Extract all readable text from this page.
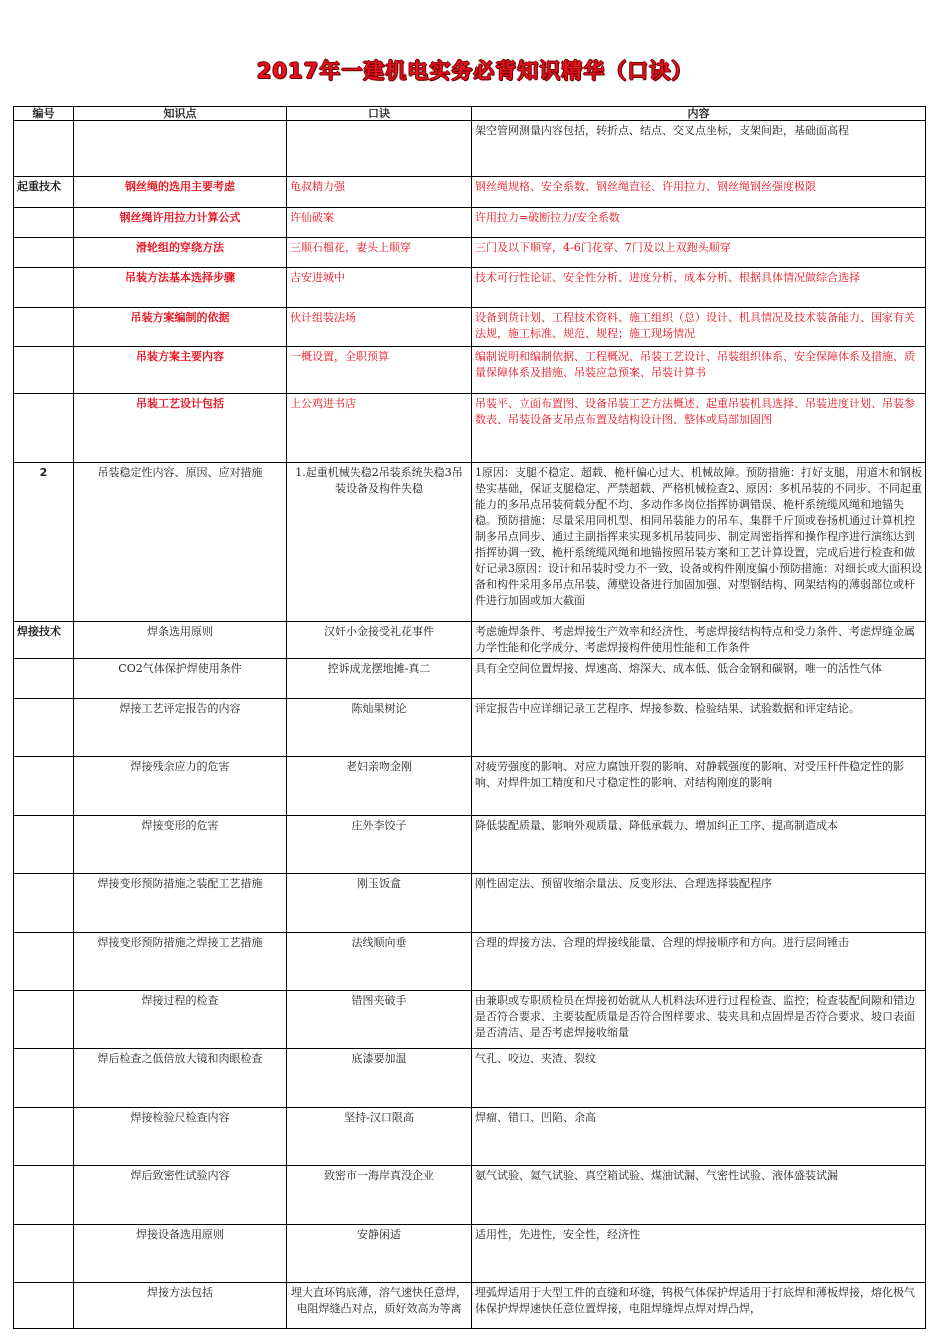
2017年一建机电实务必背知识精华（口诀）
编号	知识点	口诀	内容
			架空管网测量内容包括，转折点、结点、交叉点坐标，支架间距，基础面高程
起重技术	钢丝绳的选用主要考虑	龟叔精力强	钢丝绳规格、安全系数、钢丝绳直径、许用拉力、钢丝绳钢丝强度极限
	钢丝绳许用拉力计算公式	许仙破案	许用拉力=破断拉力/安全系数
	滑轮组的穿绕方法	三顺石榴花，妻头上顺穿	三门及以下顺穿，4-6门花穿、7门及以上双跑头顺穿
	吊装方法基本选择步骤	吉安进城中	技术可行性论证、安全性分析、进度分析、成本分析、根据具体情况做综合选择
	吊装方案编制的依据	伙计组装法场	设备到货计划、工程技术资料、施工组织（总）设计、机具情况及技术装备能力、国家有关法规，施工标准、规范、规程；施工现场情况
	吊装方案主要内容	一概设置，全职预算	编制说明和编制依据、工程概况、吊装工艺设计、吊装组织体系、安全保障体系及措施、质量保障体系及措施、吊装应急预案、吊装计算书
	吊装工艺设计包括	上公鸡进书店	吊装平、立面布置图、设备吊装工艺方法概述、起重吊装机具选择、吊装进度计划、吊装参数表、吊装设备支吊点布置及结构设计图、整体或局部加固图
2	吊装稳定性内容、原因、应对措施	1.起重机械失稳2吊装系统失稳3吊装设备及构件失稳	1原因：支腿不稳定、超载、桅杆偏心过大、机械故障。预防措施：打好支腿，用道木和钢板垫实基础，保证支腿稳定、严禁超载、严格机械检查2、原因：多机吊装的不同步、不同起重能力的多吊点吊装荷载分配不均、多动作多岗位指挥协调错误、桅杆系统缆风绳和地锚失稳。预防措施：尽量采用同机型、相同吊装能力的吊车、集群千斤顶或卷扬机通过计算机控制多吊点同步、通过主副指挥来实现多机吊装同步、制定周密指挥和操作程序进行演练达到指挥协调一致、桅杆系统缆风绳和地锚按照吊装方案和工艺计算设置，完成后进行检查和做好记录3原因：设计和吊装时受力不一致、设备或构件刚度偏小预防措施：对细长或大面积设备和构件采用多吊点吊装、薄壁设备进行加固加强、对型钢结构、网架结构的薄弱部位或杆件进行加固或加大截面
焊接技术	焊条选用原则	汉奸小金接受礼花事件	考虑施焊条件、考虑焊接生产效率和经济性、考虑焊接结构特点和受力条件、考虑焊缝金属力学性能和化学成分、考虑焊接构件使用性能和工作条件
	CO2气体保护焊使用条件	控诉成龙摆地摊-真二	具有全空间位置焊接、焊速高、熔深大、成本低、低合金钢和碳钢，唯一的活性气体
	焊接工艺评定报告的内容	陈灿果树论	评定报告中应详细记录工艺程序、焊接参数、检验结果、试验数据和评定结论。
	焊接残余应力的危害	老妇亲吻金刚	对疲劳强度的影响、对应力腐蚀开裂的影响、对静载强度的影响、对受压杆件稳定性的影响、对焊件加工精度和尺寸稳定性的影响、对结构刚度的影响
	焊接变形的危害	庄外李饺子	降低装配质量、影响外观质量、降低承载力、增加纠正工序、提高制造成本
	焊接变形预防措施之装配工艺措施	刚玉饭盒	刚性固定法、预留收缩余量法、反变形法、合理选择装配程序
	焊接变形预防措施之焊接工艺措施	法线顺向垂	合理的焊接方法、合理的焊接线能量、合理的焊接顺序和方向。进行层间锤击
	焊接过程的检查	错图夹破手	由兼职或专职质检员在焊接初始就从人机料法环进行过程检查、监控；检查装配间隙和错边是否符合要求、主要装配质量是否符合图样要求、装夹具和点固焊是否符合要求、坡口表面是否清洁、是否考虑焊接收缩量
	焊后检查之低倍放大镜和肉眼检查	底漆要加温	气孔、咬边、夹渣、裂纹
	焊接检验尺检查内容	坚持-汉口限高	焊瘤、错口、凹陷、余高
	焊后致密性试验内容	致密市一海岸真没企业	氨气试验、氦气试验、真空箱试验、煤油试漏、气密性试验、液体盛装试漏
	焊接设备选用原则	安静闲适	适用性，先进性，安全性，经济性
	焊接方法包括	埋大直环钨底薄，溶气速快任意焊，电阻焊缝凸对点，质好效高为等离	埋弧焊适用于大型工件的直缝和环缝，钨极气体保护焊适用于打底焊和薄板焊接，熔化极气体保护焊焊速快任意位置焊接，电阻焊缝焊点焊对焊凸焊，
